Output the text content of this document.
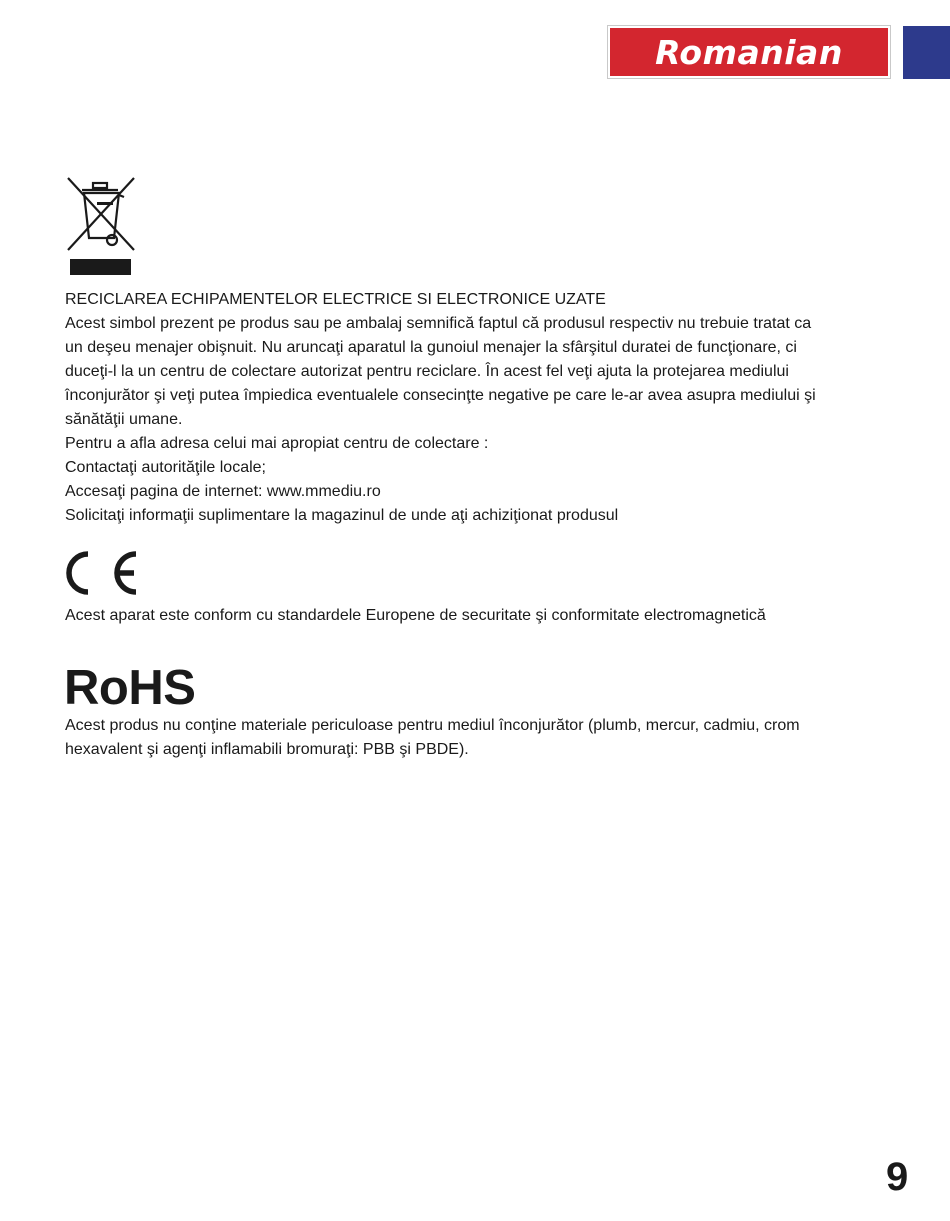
Romanian
RECICLAREA ECHIPAMENTELOR ELECTRICE SI ELECTRONICE UZATE
Acest simbol prezent pe produs sau pe ambalaj semnifică faptul că produsul respectiv nu trebuie tratat ca
un deşeu menajer obişnuit. Nu aruncaţi aparatul la gunoiul menajer la sfârşitul duratei de funcţionare, ci
duceţi-l la un centru de colectare autorizat pentru reciclare. În acest fel veţi ajuta la protejarea mediului
înconjurător şi veţi putea împiedica eventualele consecinţte negative pe care le-ar avea asupra mediului şi
sănătăţii umane.
Pentru a afla adresa celui mai apropiat centru de colectare :
Contactaţi autorităţile locale;
Accesaţi pagina de internet: www.mmediu.ro
Solicitaţi informaţii suplimentare la magazinul de unde aţi achiziţionat produsul
Acest aparat este conform cu standardele Europene de securitate şi conformitate electromagnetică
RoHS
Acest produs nu conţine materiale periculoase pentru mediul înconjurător (plumb, mercur, cadmiu, crom hexavalent şi agenţi inflamabili bromuraţi: PBB şi PBDE).
9
